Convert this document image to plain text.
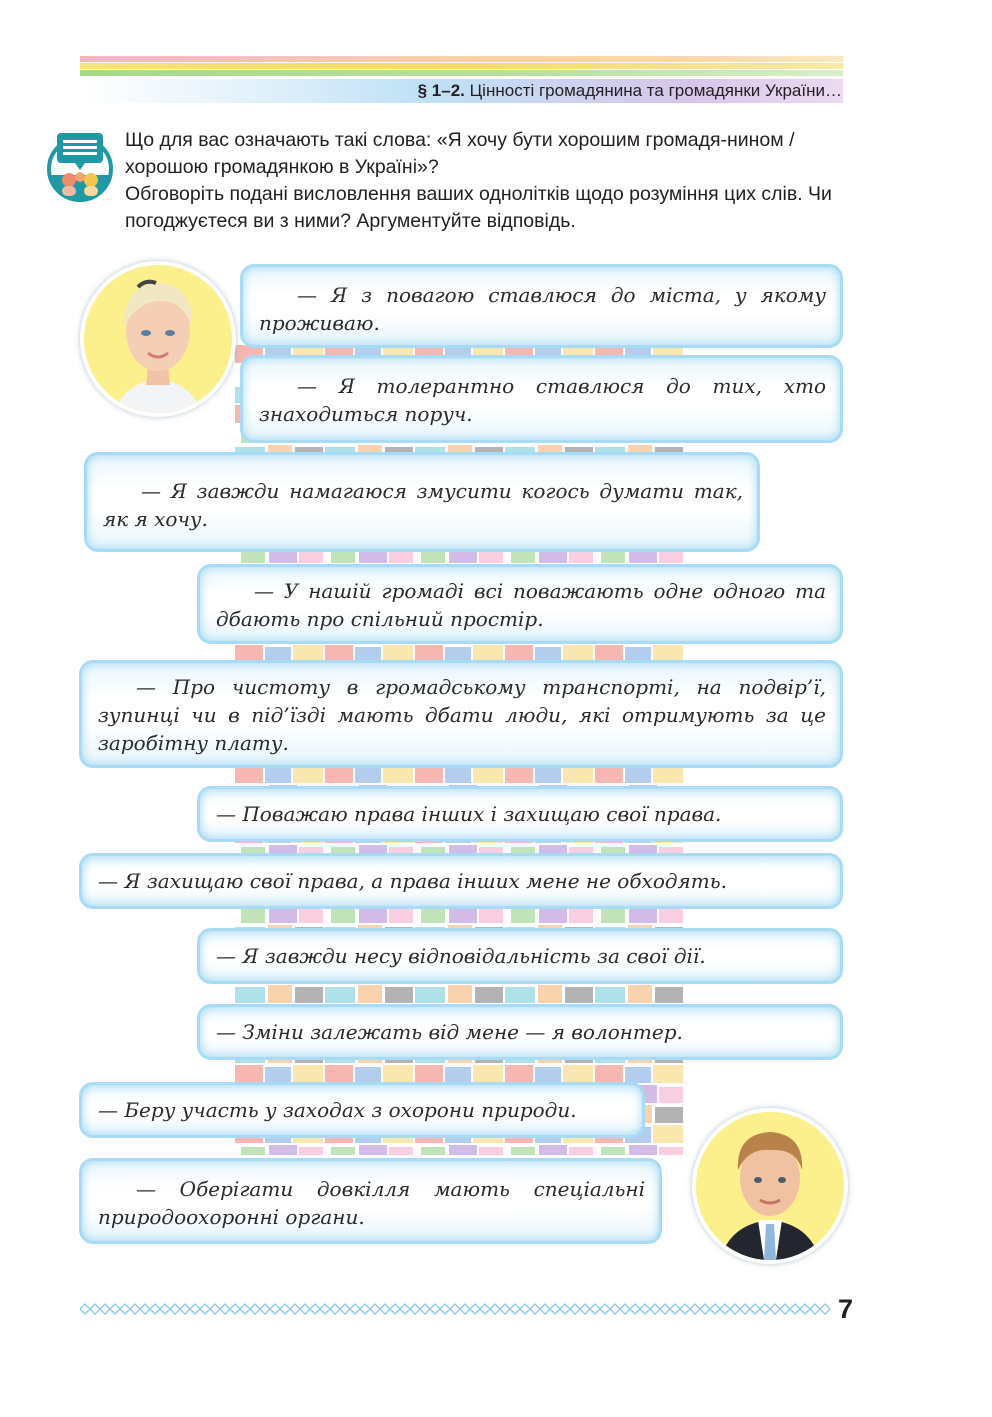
§ 1–2. Цінності громадянина та громадянки України…

Що для вас означають такі слова: «Я хочу бути хорошим громадя-нином / хорошою громадянкою в Україні»?

Обговоріть подані висловлення ваших однолітків щодо розуміння цих слів. Чи погоджуєтеся ви з ними? Аргументуйте відповідь.

— Я з повагою ставлюся до міста, у якому проживаю.
— Я толерантно ставлюся до тих, хто знаходиться поруч.
— Я завжди намагаюся змусити когось думати так, як я хочу.
— У нашій громаді всі поважають одне одного та дбають про спільний простір.
— Про чистоту в громадському транспорті, на подвір’ї, зупинці чи в під’їзді мають дбати люди, які отримують за це заробітну плату.
— Поважаю права інших і захищаю свої права.
— Я захищаю свої права, а права інших мене не обходять.
— Я завжди несу відповідальність за свої дії.
— Зміни залежать від мене — я волонтер.
— Беру участь у заходах з охорони природи.
— Оберігати довкілля мають спеціальні природоохоронні органи.
7
